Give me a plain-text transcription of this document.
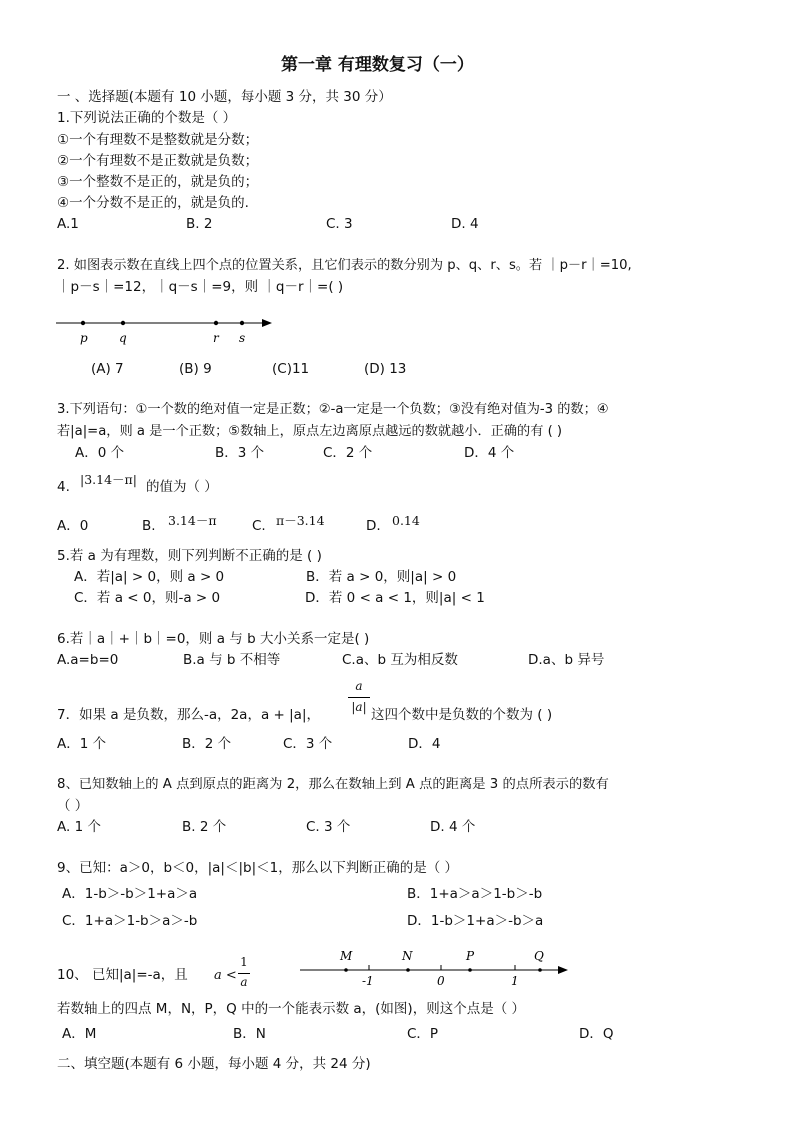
第一章 有理数复习（一）
一 、选择题(本题有 10 小题，每小题 3 分，共 30 分）
1.下列说法正确的个数是（ ）
①一个有理数不是整数就是分数；
②一个有理数不是正数就是负数；
③一个整数不是正的，就是负的；
④一个分数不是正的，就是负的.
A.1	B. 2	C. 3	D. 4
2. 如图表示数在直线上四个点的位置关系，且它们表示的数分别为 p、q、r、s。若 ｜p－r｜=10,
｜p－s｜=12，｜q－s｜=9，则 ｜q－r｜=( )
p	q	r s
(A) 7	(B) 9	(C)11	(D) 13
3.下列语句：①一个数的绝对值一定是正数；②-a一定是一个负数；③没有绝对值为-3 的数；④
若|a|=a，则 a 是一个正数；⑤数轴上，原点左边离原点越远的数就越小．正确的有 ( )
A．0 个	B．3 个	C．2 个	D．4 个
4. |3.14－π| 的值为（ ）
A．0	B. 3.14－π	C. π－3.14	D. 0.14
5.若 a 为有理数，则下列判断不正确的是 ( )
A．若|a| > 0，则 a > 0	B．若 a > 0，则|a| > 0
C．若 a < 0，则-a > 0	D．若 0 < a < 1，则|a| < 1
6.若｜a｜+｜b｜=0，则 a 与 b 大小关系一定是( )
A.a=b=0	B.a 与 b 不相等	C.a、b 互为相反数	D.a、b 异号
7．如果 a 是负数，那么-a，2a，a + |a|，
a
|a| 这四个数中是负数的个数为 ( )
A．1 个	B．2 个	C．3 个	D．4
8、已知数轴上的 A 点到原点的距离为 2，那么在数轴上到 A 点的距离是 3 的点所表示的数有
（ ）
A. 1 个	B. 2 个	C. 3 个	D. 4 个
9、已知：a＞0，b＜0，|a|＜|b|＜1，那么以下判断正确的是（ ）
A．1-b＞-b＞1+a＞a	B．1+a＞a＞1-b＞-b
C．1+a＞1-b＞a＞-b	D．1-b＞1+a＞-b＞a
10、 已知|a|=-a，且 a <
1
a
M	N	P	Q
-1	0	1
若数轴上的四点 M，N，P，Q 中的一个能表示数 a，(如图)，则这个点是（ ）
A．M	B．N	C．P	D．Q
二、填空题(本题有 6 小题，每小题 4 分，共 24 分)
